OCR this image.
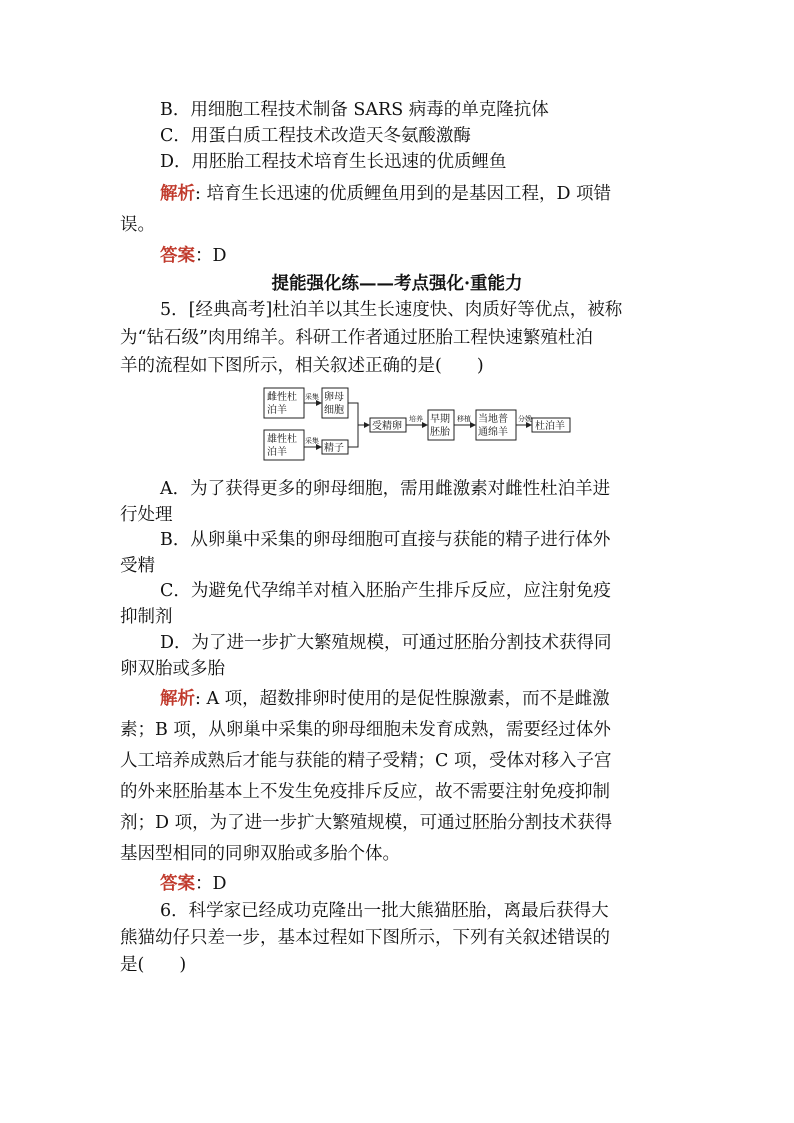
B．用细胞工程技术制备 SARS 病毒的单克隆抗体
C．用蛋白质工程技术改造天冬氨酸激酶
D．用胚胎工程技术培育生长迅速的优质鲤鱼
解析: 培育生长迅速的优质鲤鱼用到的是基因工程，D 项错
误。
答案：D
提能强化练——考点强化·重能力
5．[经典高考]杜泊羊以其生长速度快、肉质好等优点，被称
为“钻石级”肉用绵羊。科研工作者通过胚胎工程快速繁殖杜泊
羊的流程如下图所示，相关叙述正确的是(　　)
雌性杜
泊羊
卵母
细胞
雄性杜
泊羊	精子
受精卵
早期
胚胎
当地普
通绵羊
杜泊羊
采集
采集
培养	移植	分娩
A．为了获得更多的卵母细胞，需用雌激素对雌性杜泊羊进
行处理
B．从卵巢中采集的卵母细胞可直接与获能的精子进行体外
受精
C．为避免代孕绵羊对植入胚胎产生排斥反应，应注射免疫
抑制剂
D．为了进一步扩大繁殖规模，可通过胚胎分割技术获得同
卵双胎或多胎
解析: A 项，超数排卵时使用的是促性腺激素，而不是雌激
素；B 项，从卵巢中采集的卵母细胞未发育成熟，需要经过体外
人工培养成熟后才能与获能的精子受精；C 项，受体对移入子宫
的外来胚胎基本上不发生免疫排斥反应，故不需要注射免疫抑制
剂；D 项，为了进一步扩大繁殖规模，可通过胚胎分割技术获得
基因型相同的同卵双胎或多胎个体。
答案：D
6．科学家已经成功克隆出一批大熊猫胚胎，离最后获得大
熊猫幼仔只差一步，基本过程如下图所示，下列有关叙述错误的
是(　　)
